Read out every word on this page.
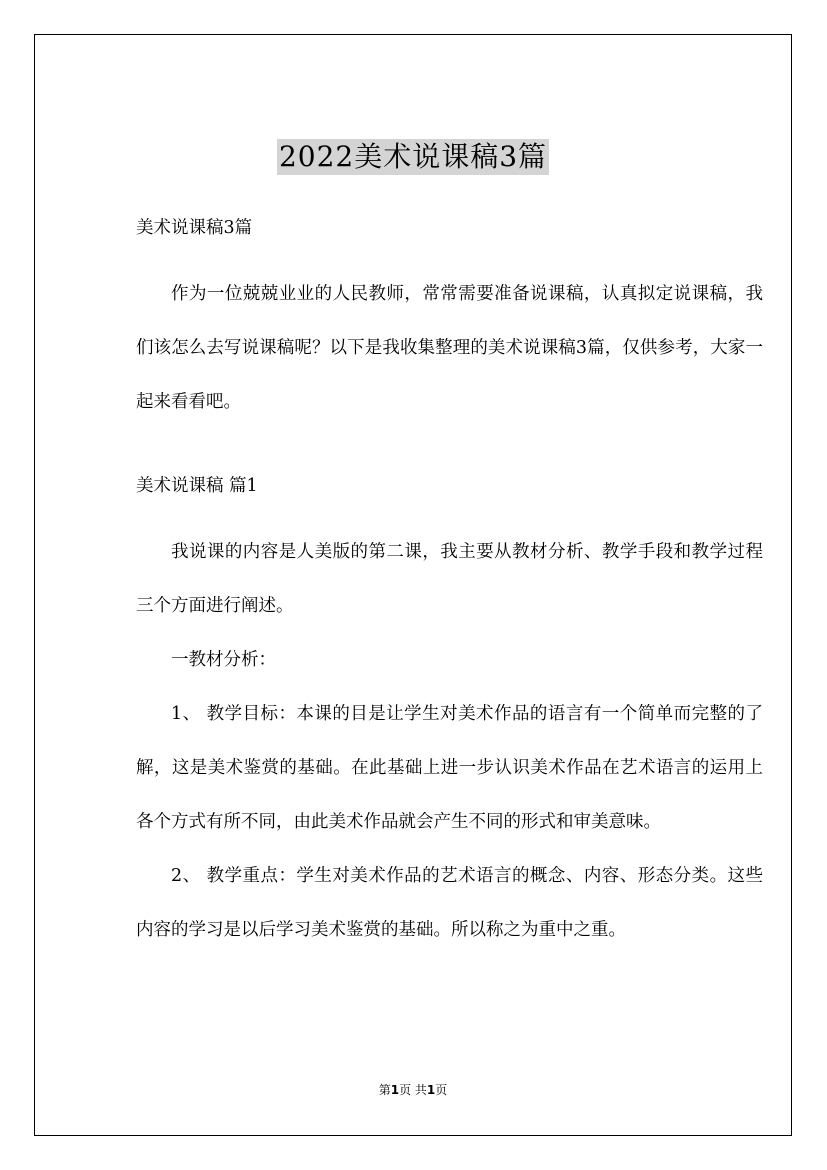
2022美术说课稿3篇

美术说课稿3篇

作为一位兢兢业业的人民教师，常常需要准备说课稿，认真拟定说课稿，我们该怎么去写说课稿呢？以下是我收集整理的美术说课稿3篇，仅供参考，大家一起来看看吧。

美术说课稿 篇1

我说课的内容是人美版的第二课，我主要从教材分析、教学手段和教学过程三个方面进行阐述。

一教材分析：

1、 教学目标：本课的目是让学生对美术作品的语言有一个简单而完整的了解，这是美术鉴赏的基础。在此基础上进一步认识美术作品在艺术语言的运用上各个方式有所不同，由此美术作品就会产生不同的形式和审美意味。

2、 教学重点：学生对美术作品的艺术语言的概念、内容、形态分类。这些内容的学习是以后学习美术鉴赏的基础。所以称之为重中之重。

第1页 共1页
